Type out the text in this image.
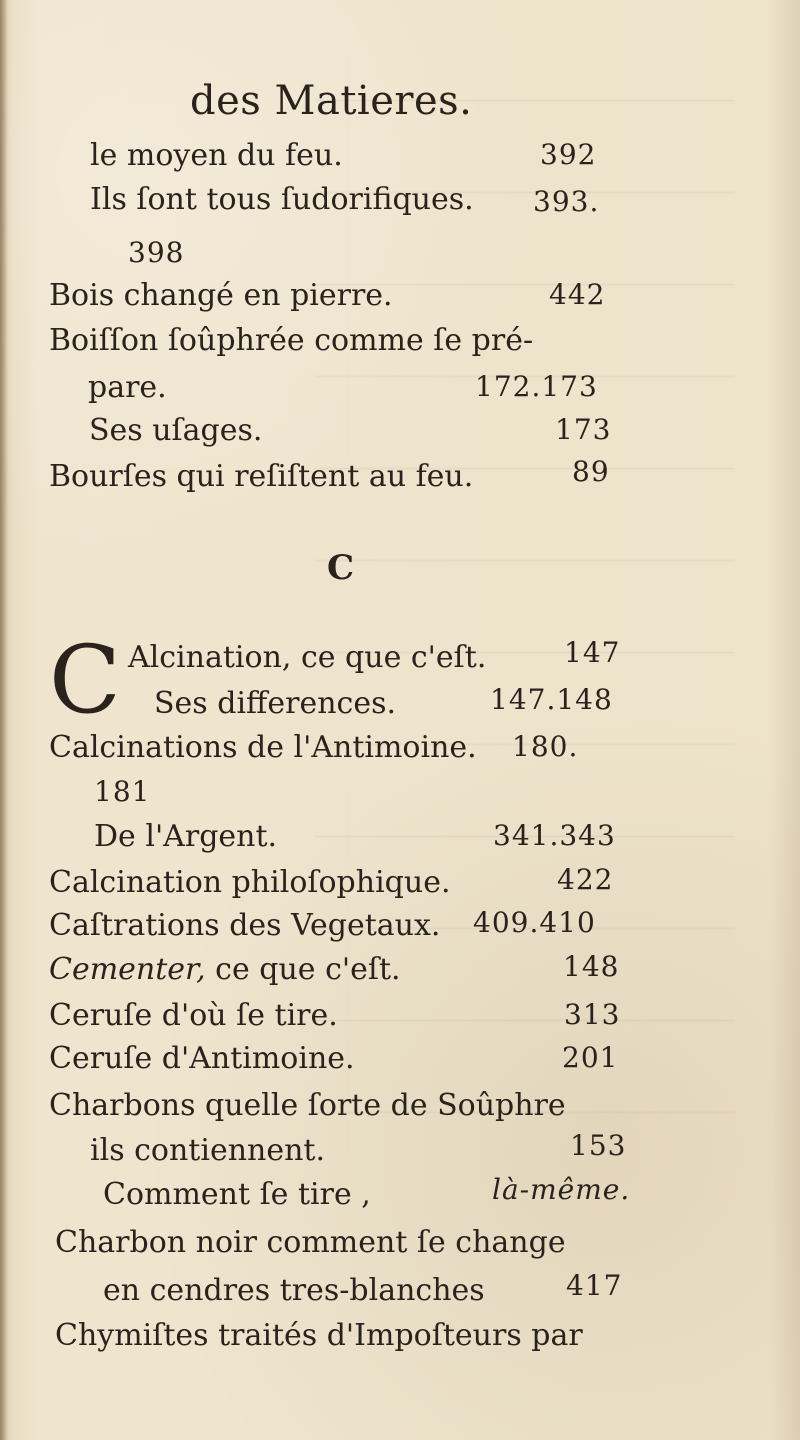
des Matieres.
le moyen du feu.	392
Ils ſont tous ſudorifiques. 393.
398
Bois changé en pierre.	442
Boiſſon ſoûphrée comme ſe pré-
pare.	172.173
Ses uſages.	173
Bourſes qui reſiſtent au feu.	89
C
C Alcination, ce que c'eſt.	147
Ses differences.	147.148
Calcinations de l'Antimoine. 180.
181
De l'Argent.	341.343
Calcination philoſophique.	422
Caſtrations des Vegetaux. 409.410
Cementer, ce que c'eſt.	148
Ceruſe d'où ſe tire.	313
Ceruſe d'Antimoine.	201
Charbons quelle ſorte de Soûphre
ils contiennent.	153
Comment ſe tire ,	là-même.
Charbon noir comment ſe change
en cendres tres-blanches	417
Chymiſtes traités d'Impoſteurs par
